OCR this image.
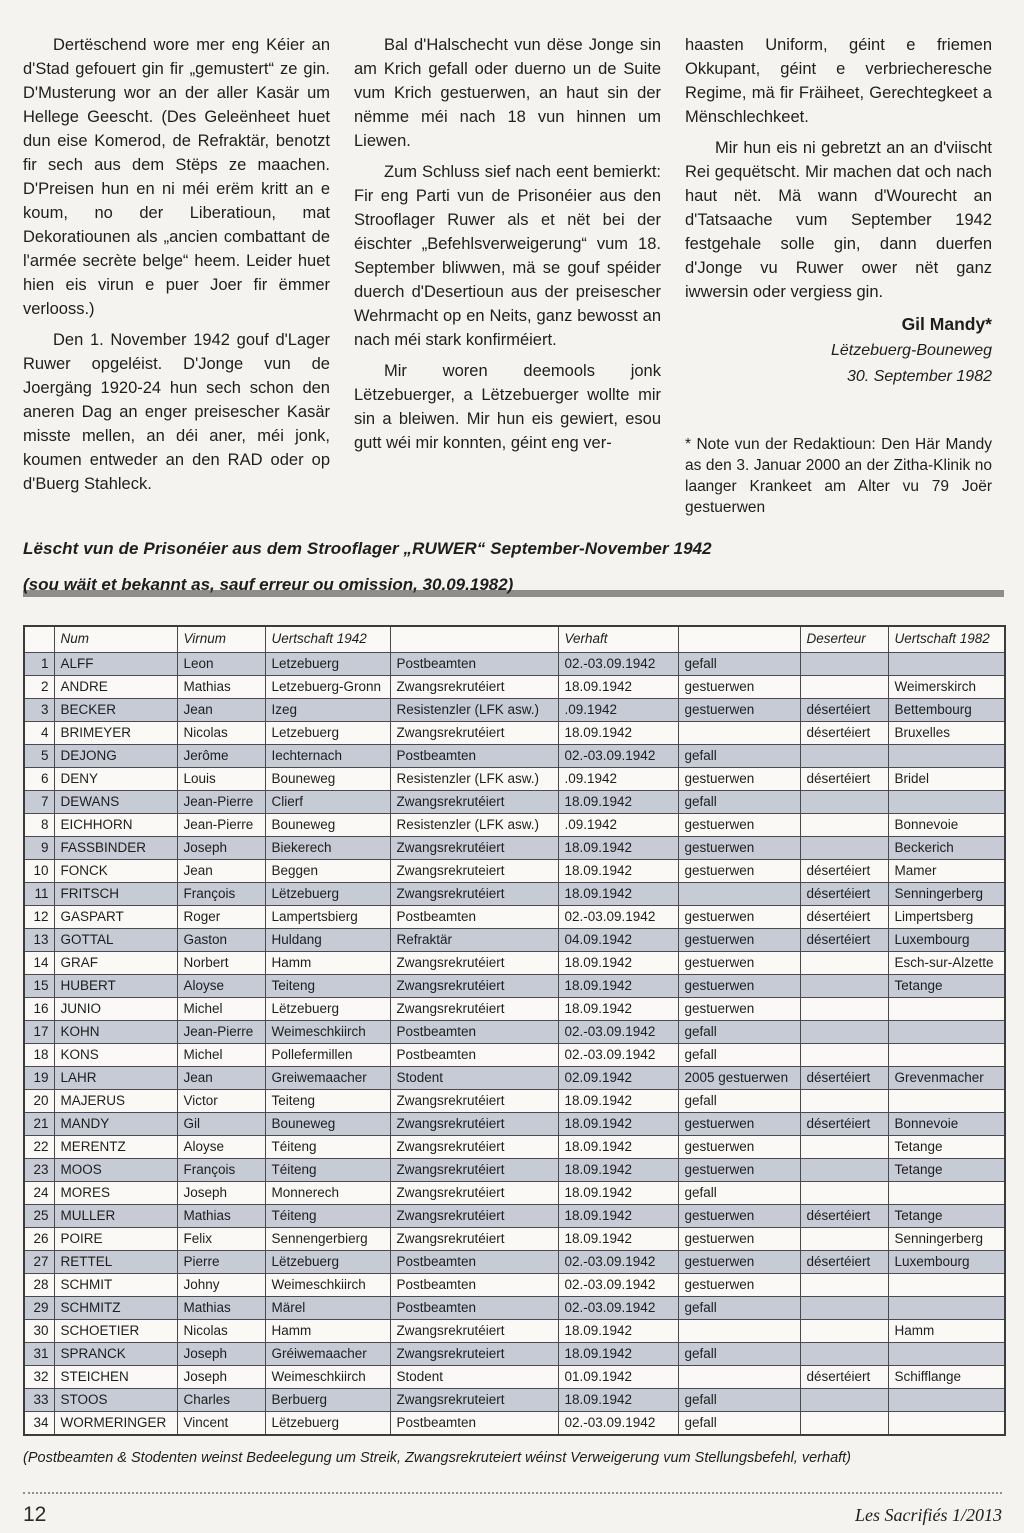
Dertëschend wore mer eng Kéier an d'Stad gefouert gin fir „gemustert“ ze gin. D'Musterung wor an der aller Kasär um Hellege Geescht. (Des Geleënheet huet dun eise Komerod, de Refraktär, benotzt fir sech aus dem Stëps ze maachen. D'Preisen hun en ni méi erëm kritt an e koum, no der Liberatioun, mat Dekoratiounen als „ancien combattant de l'armée secrète belge“ heem. Leider huet hien eis virun e puer Joer fir ëmmer verlooss.)

Den 1. November 1942 gouf d'Lager Ruwer opgeléist. D'Jonge vun de Joergäng 1920-24 hun sech schon den aneren Dag an enger preisescher Kasär misste mellen, an déi aner, méi jonk, koumen entweder an den RAD oder op d'Buerg Stahleck.

Bal d'Halschecht vun dëse Jonge sin am Krich gefall oder duerno un de Suite vum Krich gestuerwen, an haut sin der nëmme méi nach 18 vun hinnen um Liewen.

Zum Schluss sief nach eent bemierkt: Fir eng Parti vun de Prisonéier aus den Strooflager Ruwer als et nët bei der éischter „Befehlsverweigerung“ vum 18. September bliwwen, mä se gouf spéider duerch d'Desertioun aus der preisescher Wehrmacht op en Neits, ganz bewosst an nach méi stark konfirméiert.

Mir woren deemools jonk Lëtzebuerger, a Lëtzebuerger wollte mir sin a bleiwen. Mir hun eis gewiert, esou gutt wéi mir konnten, géint eng ver-

haasten Uniform, géint e friemen Okkupant, géint e verbriecheresche Regime, mä fir Fräiheet, Gerechtegkeet a Mënschlechkeet.

Mir hun eis ni gebretzt an an d'viischt Rei gequëtscht. Mir machen dat och nach haut nët. Mä wann d'Wourecht an d'Tatsaache vum September 1942 festgehale solle gin, dann duerfen d'Jonge vu Ruwer ower nët ganz iwwersin oder vergiess gin.

Gil Mandy*
Lëtzebuerg-Bouneweg
30. September 1982
* Note vun der Redaktioun: Den Här Mandy as den 3. Januar 2000 an der Zitha-Klinik no laanger Krankeet am Alter vu 79 Joër gestuerwen
Lëscht vun de Prisonéier aus dem Strooflager „RUWER“ September-November 1942
(sou wäit et bekannt as, sauf erreur ou omission, 30.09.1982)
	Num	Virnum	Uertschaft 1942		Verhaft		Deserteur	Uertschaft 1982
1	ALFF	Leon	Letzebuerg	Postbeamten	02.-03.09.1942	gefall		
2	ANDRE	Mathias	Letzebuerg-Gronn	Zwangsrekrutéiert	18.09.1942	gestuerwen		Weimerskirch
3	BECKER	Jean	Izeg	Resistenzler (LFK asw.)	.09.1942	gestuerwen	désertéiert	Bettembourg
4	BRIMEYER	Nicolas	Letzebuerg	Zwangsrekrutéiert	18.09.1942		désertéiert	Bruxelles
5	DEJONG	Jerôme	Iechternach	Postbeamten	02.-03.09.1942	gefall		
6	DENY	Louis	Bouneweg	Resistenzler (LFK asw.)	.09.1942	gestuerwen	désertéiert	Bridel
7	DEWANS	Jean-Pierre	Clierf	Zwangsrekrutéiert	18.09.1942	gefall		
8	EICHHORN	Jean-Pierre	Bouneweg	Resistenzler (LFK asw.)	.09.1942	gestuerwen		Bonnevoie
9	FASSBINDER	Joseph	Biekerech	Zwangsrekrutéiert	18.09.1942	gestuerwen		Beckerich
10	FONCK	Jean	Beggen	Zwangsrekruteiert	18.09.1942	gestuerwen	désertéiert	Mamer
11	FRITSCH	François	Lëtzebuerg	Zwangsrekrutéiert	18.09.1942		désertéiert	Senningerberg
12	GASPART	Roger	Lampertsbierg	Postbeamten	02.-03.09.1942	gestuerwen	désertéiert	Limpertsberg
13	GOTTAL	Gaston	Huldang	Refraktär	04.09.1942	gestuerwen	désertéiert	Luxembourg
14	GRAF	Norbert	Hamm	Zwangsrekrutéiert	18.09.1942	gestuerwen		Esch-sur-Alzette
15	HUBERT	Aloyse	Teiteng	Zwangsrekrutéiert	18.09.1942	gestuerwen		Tetange
16	JUNIO	Michel	Lëtzebuerg	Zwangsrekrutéiert	18.09.1942	gestuerwen		
17	KOHN	Jean-Pierre	Weimeschkiirch	Postbeamten	02.-03.09.1942	gefall		
18	KONS	Michel	Pollefermillen	Postbeamten	02.-03.09.1942	gefall		
19	LAHR	Jean	Greiwemaacher	Stodent	02.09.1942	2005 gestuerwen	désertéiert	Grevenmacher
20	MAJERUS	Victor	Teiteng	Zwangsrekrutéiert	18.09.1942	gefall		
21	MANDY	Gil	Bouneweg	Zwangsrekrutéiert	18.09.1942	gestuerwen	désertéiert	Bonnevoie
22	MERENTZ	Aloyse	Téiteng	Zwangsrekrutéiert	18.09.1942	gestuerwen		Tetange
23	MOOS	François	Téiteng	Zwangsrekrutéiert	18.09.1942	gestuerwen		Tetange
24	MORES	Joseph	Monnerech	Zwangsrekrutéiert	18.09.1942	gefall		
25	MULLER	Mathias	Téiteng	Zwangsrekrutéiert	18.09.1942	gestuerwen	désertéiert	Tetange
26	POIRE	Felix	Sennengerbierg	Zwangsrekrutéiert	18.09.1942	gestuerwen		Senningerberg
27	RETTEL	Pierre	Lëtzebuerg	Postbeamten	02.-03.09.1942	gestuerwen	désertéiert	Luxembourg
28	SCHMIT	Johny	Weimeschkiirch	Postbeamten	02.-03.09.1942	gestuerwen		
29	SCHMITZ	Mathias	Märel	Postbeamten	02.-03.09.1942	gefall		
30	SCHOETIER	Nicolas	Hamm	Zwangsrekrutéiert	18.09.1942			Hamm
31	SPRANCK	Joseph	Gréiwemaacher	Zwangsrekruteiert	18.09.1942	gefall		
32	STEICHEN	Joseph	Weimeschkiirch	Stodent	01.09.1942		désertéiert	Schifflange
33	STOOS	Charles	Berbuerg	Zwangsrekruteiert	18.09.1942	gefall		
34	WORMERINGER	Vincent	Lëtzebuerg	Postbeamten	02.-03.09.1942	gefall		
(Postbeamten & Stodenten weinst Bedeelegung um Streik, Zwangsrekruteiert wéinst Verweigerung vum Stellungsbefehl, verhaft)
12	Les Sacrifiés 1/2013
